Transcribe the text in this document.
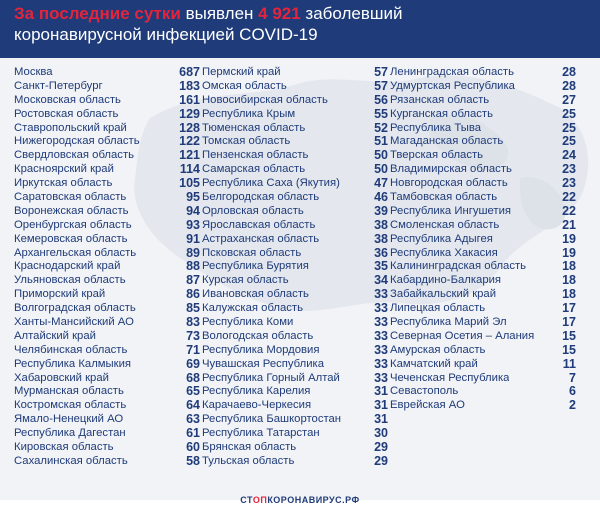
За последние сутки выявлен 4 921 заболевший
коронавирусной инфекцией COVID-19
Москва	687
Санкт-Петербург	183
Московская область	161
Ростовская область	129
Ставропольский край	128
Нижегородская область	122
Свердловская область	121
Красноярский край	114
Иркутская область	105
Саратовская область	95
Воронежская область	94
Оренбургская область	93
Кемеровская область	91
Архангельская область	89
Краснодарский край	88
Ульяновская область	87
Приморский край	86
Волгоградская область	85
Ханты-Мансийский АО	83
Алтайский край	73
Челябинская область	71
Республика Калмыкия	69
Хабаровский край	68
Мурманская область	65
Костромская область	64
Ямало-Ненецкий АО	63
Республика Дагестан	61
Кировская область	60
Сахалинская область	58
Пермский край	57
Омская область	57
Новосибирская область	56
Республика Крым	55
Тюменская область	52
Томская область	51
Пензенская область	50
Самарская область	50
Республика Саха (Якутия)	47
Белгородская область	46
Орловская область	39
Ярославская область	38
Астраханская область	38
Псковская область	36
Республика Бурятия	35
Курская область	34
Ивановская область	33
Калужская область	33
Республика Коми	33
Вологодская область	33
Республика Мордовия	33
Чувашская Республика	33
Республика Горный Алтай	33
Республика Карелия	31
Карачаево-Черкесия	31
Республика Башкортостан	31
Республика Татарстан	30
Брянская область	29
Тульская область	29
Ленинградская область	28
Удмуртская Республика	28
Рязанская область	27
Курганская область	25
Республика Тыва	25
Магаданская область	25
Тверская область	24
Владимирская область	23
Новгородская область	23
Тамбовская область	22
Республика Ингушетия	22
Смоленская область	21
Республика Адыгея	19
Республика Хакасия	19
Калининградская область	18
Кабардино-Балкария	18
Забайкальский край	18
Липецкая область	17
Республика Марий Эл	17
Северная Осетия – Алания	15
Амурская область	15
Камчатский край	11
Чеченская Республика	7
Севастополь	6
Еврейская АО	2
СТОПКОРОНАВИРУС.РФ
